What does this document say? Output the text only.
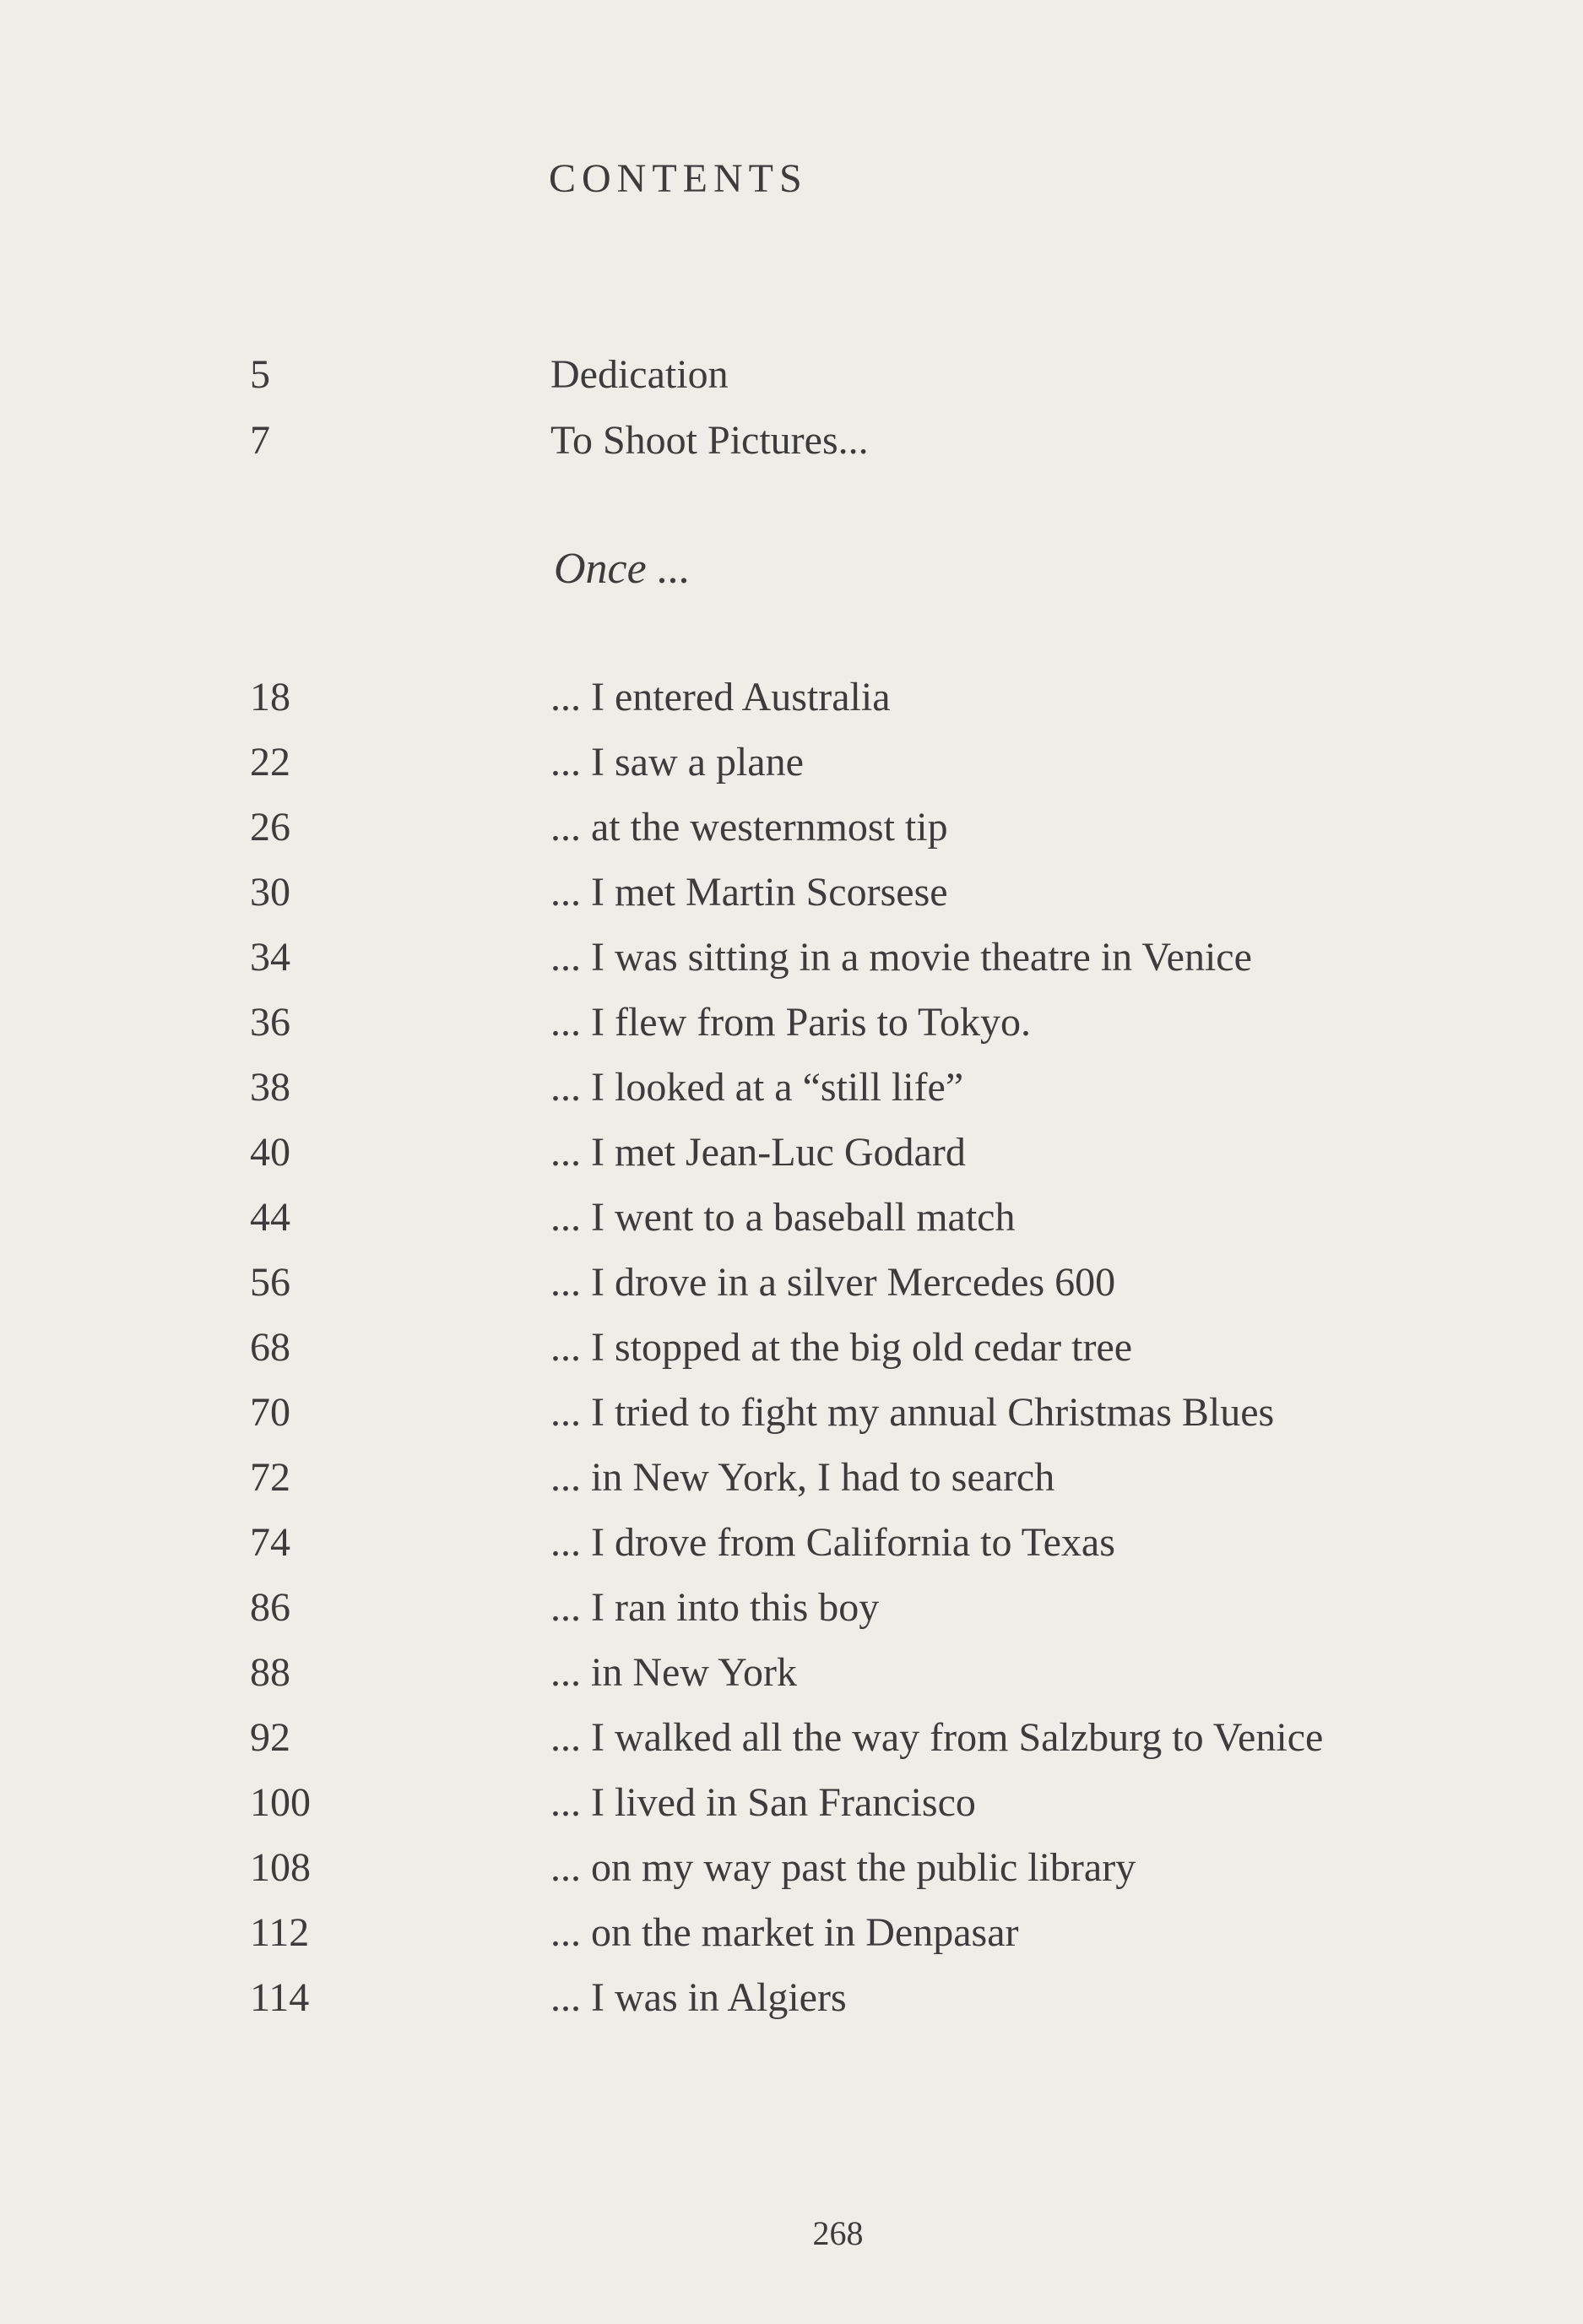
CONTENTS
5	Dedication
7	To Shoot Pictures...
Once ...
18	... I entered Australia
22	... I saw a plane
26	... at the westernmost tip
30	... I met Martin Scorsese
34	... I was sitting in a movie theatre in Venice
36	... I flew from Paris to Tokyo.
38	... I looked at a “still life”
40	... I met Jean-Luc Godard
44	... I went to a baseball match
56	... I drove in a silver Mercedes 600
68	... I stopped at the big old cedar tree
70	... I tried to fight my annual Christmas Blues
72	... in New York, I had to search
74	... I drove from California to Texas
86	... I ran into this boy
88	... in New York
92	... I walked all the way from Salzburg to Venice
100	... I lived in San Francisco
108	... on my way past the public library
112	... on the market in Denpasar
114	... I was in Algiers
268
